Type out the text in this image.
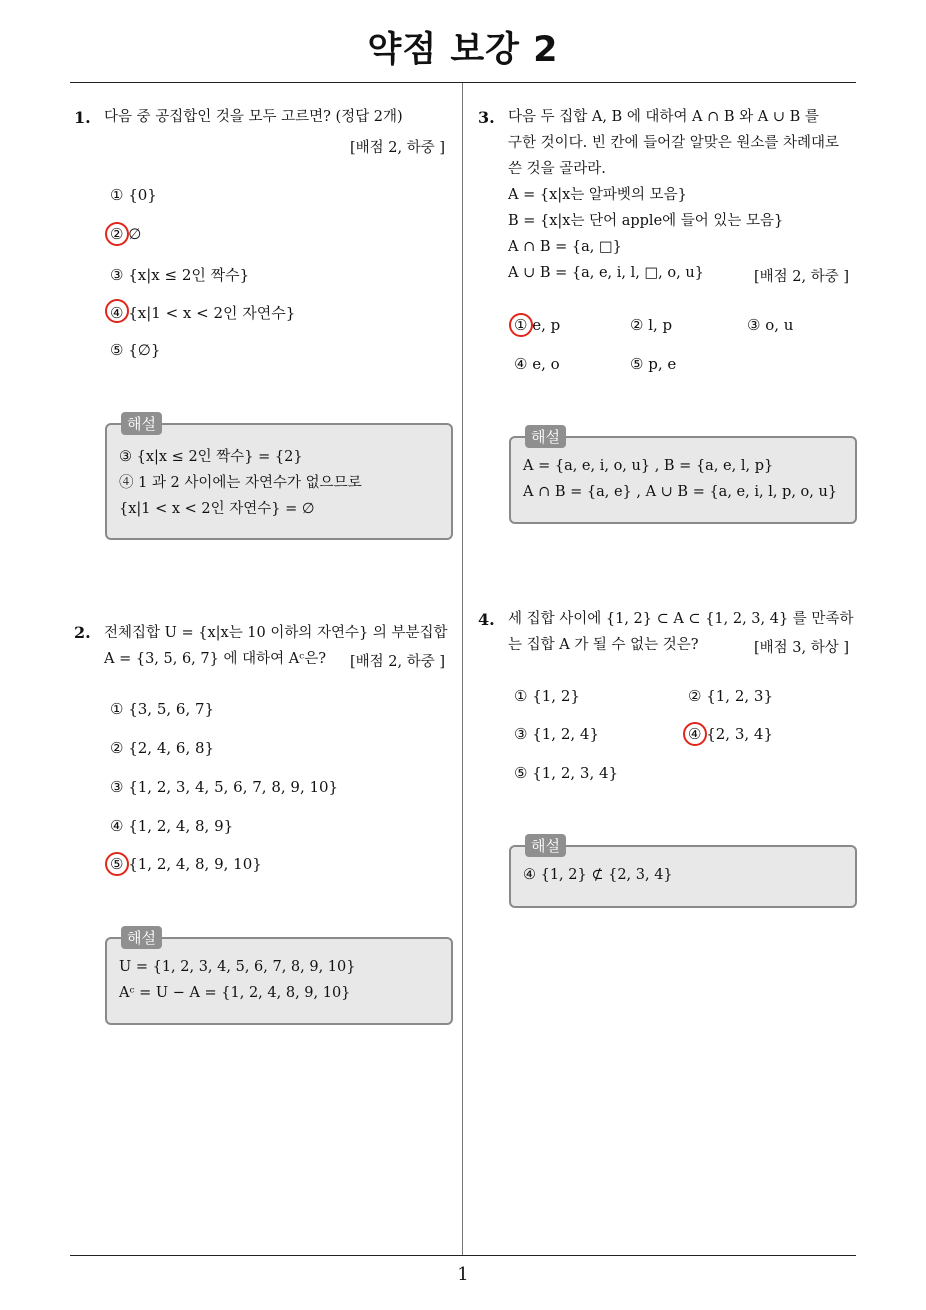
약점 보강 2
1. 다음 중 공집합인 것을 모두 고르면? (정답 2개)
[배점 2, 하중 ]
① {0}
② ∅
③ {x|x ≤ 2인 짝수}
④ {x|1 < x < 2인 자연수}
⑤ {∅}
해설
③ {x|x ≤ 2인 짝수} = {2}
④ 1 과 2 사이에는 자연수가 없으므로
{x|1 < x < 2인 자연수} = ∅
2. 전체집합 U = {x|x는 10 이하의 자연수} 의 부분집합
A = {3, 5, 6, 7} 에 대하여 Aᶜ은?	[배점 2, 하중 ]
① {3, 5, 6, 7}
② {2, 4, 6, 8}
③ {1, 2, 3, 4, 5, 6, 7, 8, 9, 10}
④ {1, 2, 4, 8, 9}
⑤ {1, 2, 4, 8, 9, 10}
해설
U = {1, 2, 3, 4, 5, 6, 7, 8, 9, 10}
Aᶜ = U − A = {1, 2, 4, 8, 9, 10}
3. 다음 두 집합 A, B 에 대하여 A ∩ B 와 A ∪ B 를
구한 것이다. 빈 칸에 들어갈 알맞은 원소를 차례대로
쓴 것을 골라라.
A = {x|x는 알파벳의 모음}
B = {x|x는 단어 apple에 들어 있는 모음}
A ∩ B = {a, □}
A ∪ B = {a, e, i, l, □, o, u}	[배점 2, 하중 ]
① e, p	② l, p	③ o, u
④ e, o	⑤ p, e
해설
A = {a, e, i, o, u} , B = {a, e, l, p}
A ∩ B = {a, e} , A ∪ B = {a, e, i, l, p, o, u}
4. 세 집합 사이에 {1, 2} ⊂ A ⊂ {1, 2, 3, 4} 를 만족하
는 집합 A 가 될 수 없는 것은?	[배점 3, 하상 ]
① {1, 2}	② {1, 2, 3}
③ {1, 2, 4}	④ {2, 3, 4}
⑤ {1, 2, 3, 4}
해설
④ {1, 2} ⊄ {2, 3, 4}
1
